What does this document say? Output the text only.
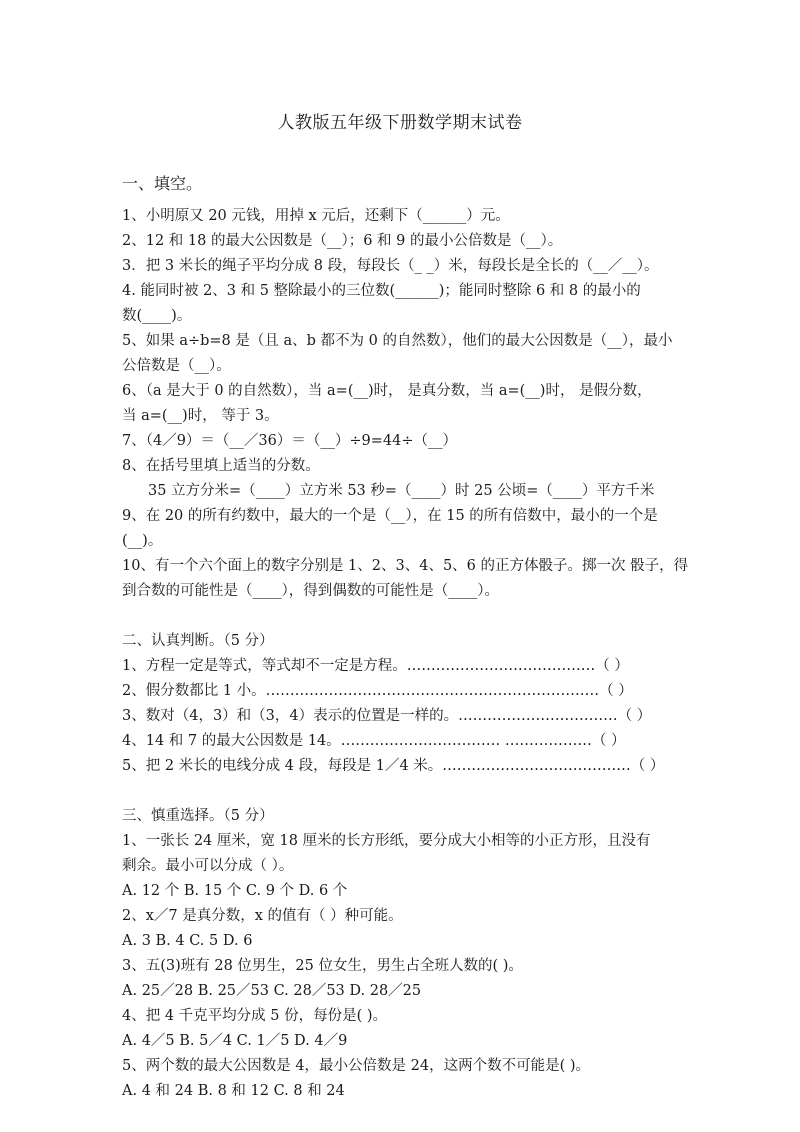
人教版五年级下册数学期末试卷
一、填空。
1、小明原又 20 元钱，用掉 x 元后，还剩下（______）元。
2、12 和 18 的最大公因数是（__）；6 和 9 的最小公倍数是（__）。
3．把 3 米长的绳子平均分成 8 段，每段长（_ _）米，每段长是全长的（__／__）。
4. 能同时被 2、3 和 5 整除最小的三位数(______)；能同时整除 6 和 8 的最小的
数(____)。
5、如果 a÷b=8 是（且 a、b 都不为 0 的自然数），他们的最大公因数是（__），最小
公倍数是（__）。
6、（a 是大于 0 的自然数），当 a=(__)时， 是真分数，当 a=(__)时， 是假分数，
当 a=(__)时， 等于 3。
7、（4／9）＝（__／36）＝（__）÷9=44÷（__）
8、在括号里填上适当的分数。
35 立方分米=（____）立方米 53 秒=（____）时 25 公顷=（____）平方千米
9、在 20 的所有约数中，最大的一个是（__），在 15 的所有倍数中，最小的一个是
(__)。
10、有一个六个面上的数字分别是 1、2、3、4、5、6 的正方体骰子。掷一次 骰子，得
到合数的可能性是（____），得到偶数的可能性是（____）。
二、认真判断。（5 分）
1、方程一定是等式，等式却不一定是方程。…………………………………（ ）
2、假分数都比 1 小。……………………………………………………………（ ）
3、数对（4，3）和（3，4）表示的位置是一样的。……………………………（ ）
4、14 和 7 的最大公因数是 14。…………………………… ………………（ ）
5、把 2 米长的电线分成 4 段，每段是 1／4 米。…………………………………（ ）
三、慎重选择。（5 分）
1、一张长 24 厘米，宽 18 厘米的长方形纸，要分成大小相等的小正方形，且没有
剩余。最小可以分成（ ）。
A. 12 个 B. 15 个 C. 9 个 D. 6 个
2、x／7 是真分数，x 的值有（ ）种可能。
A. 3 B. 4 C. 5 D. 6
3、五(3)班有 28 位男生，25 位女生，男生占全班人数的( )。
A. 25／28 B. 25／53 C. 28／53 D. 28／25
4、把 4 千克平均分成 5 份，每份是( )。
A. 4／5 B. 5／4 C. 1／5 D. 4／9
5、两个数的最大公因数是 4，最小公倍数是 24，这两个数不可能是( )。
A. 4 和 24 B. 8 和 12 C. 8 和 24
